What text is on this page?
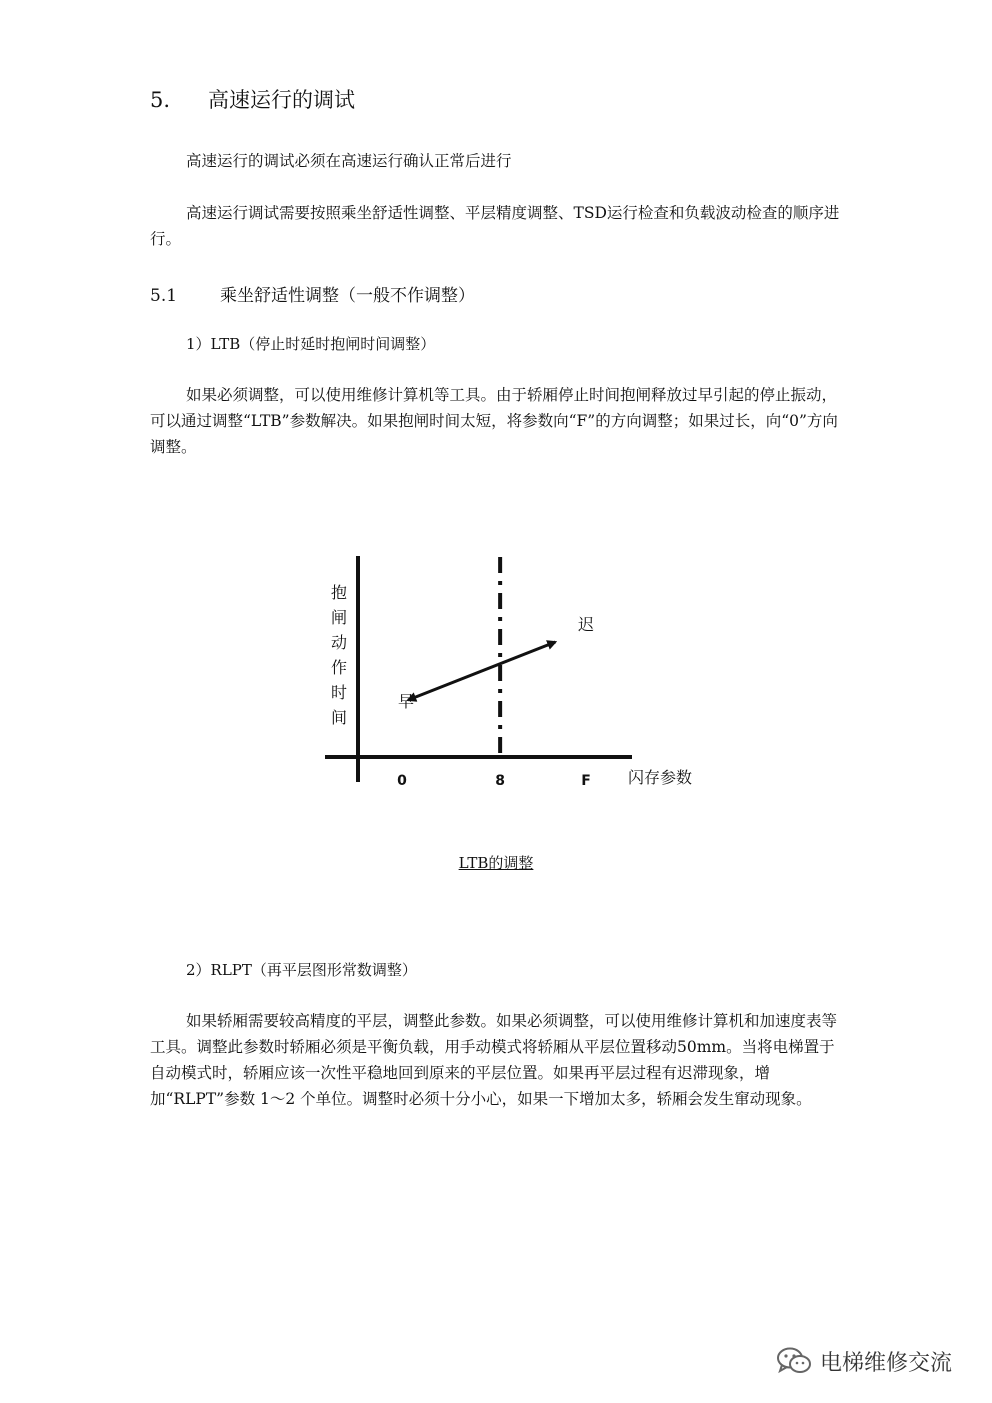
5. 高速运行的调试
高速运行的调试必须在高速运行确认正常后进行
高速运行调试需要按照乘坐舒适性调整、平层精度调整、TSD运行检查和负载波动检查的顺序进行。
5.1	乘坐舒适性调整（一般不作调整）
1）LTB（停止时延时抱闸时间调整）
如果必须调整，可以使用维修计算机等工具。由于轿厢停止时间抱闸释放过早引起的停止振动，可以通过调整“LTB”参数解决。如果抱闸时间太短，将参数向“F”的方向调整；如果过长，向“0”方向调整。
抱闸动作时间
早
迟
0	8	F 闪存参数
LTB的调整
2）RLPT（再平层图形常数调整）
如果轿厢需要较高精度的平层，调整此参数。如果必须调整，可以使用维修计算机和加速度表等工具。调整此参数时轿厢必须是平衡负载，用手动模式将轿厢从平层位置移动50mm。当将电梯置于自动模式时，轿厢应该一次性平稳地回到原来的平层位置。如果再平层过程有迟滞现象，增加“RLPT”参数 1～2 个单位。调整时必须十分小心，如果一下增加太多，轿厢会发生窜动现象。
电梯维修交流
